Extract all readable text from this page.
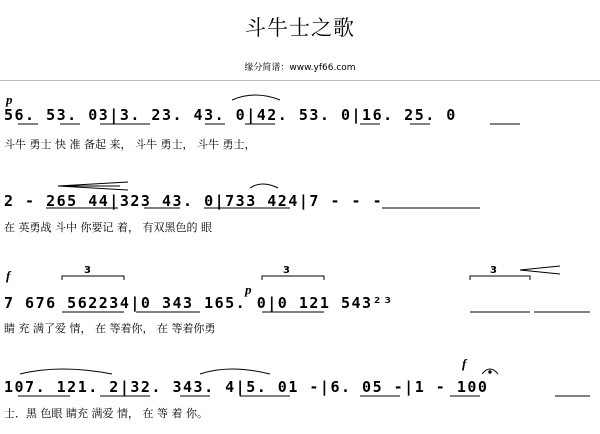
斗牛士之歌
缘分简谱：www.yf66.com
p
56. 53. 03|3. 23. 43. 0|42. 53. 0|16. 25. 0
斗牛 勇士 快 准 备起 来， 斗牛 勇士， 斗牛 勇士，
2 - 265 44|323 43. 0|733 424|7 - - -
在 英勇战 斗中 你要记 着， 有双黑色的 眼
f
p
3	3	3
7 676 562234|0 343 165. 0|0 121 543²³
睛 充 满了爱 情， 在 等着你， 在 等着你勇
f
107. 121. 2|32. 343. 4|5. 01 -|6. 05 -|1 - 100
士．黑 色眼 睛充 满爱 情， 在 等 着 你。
